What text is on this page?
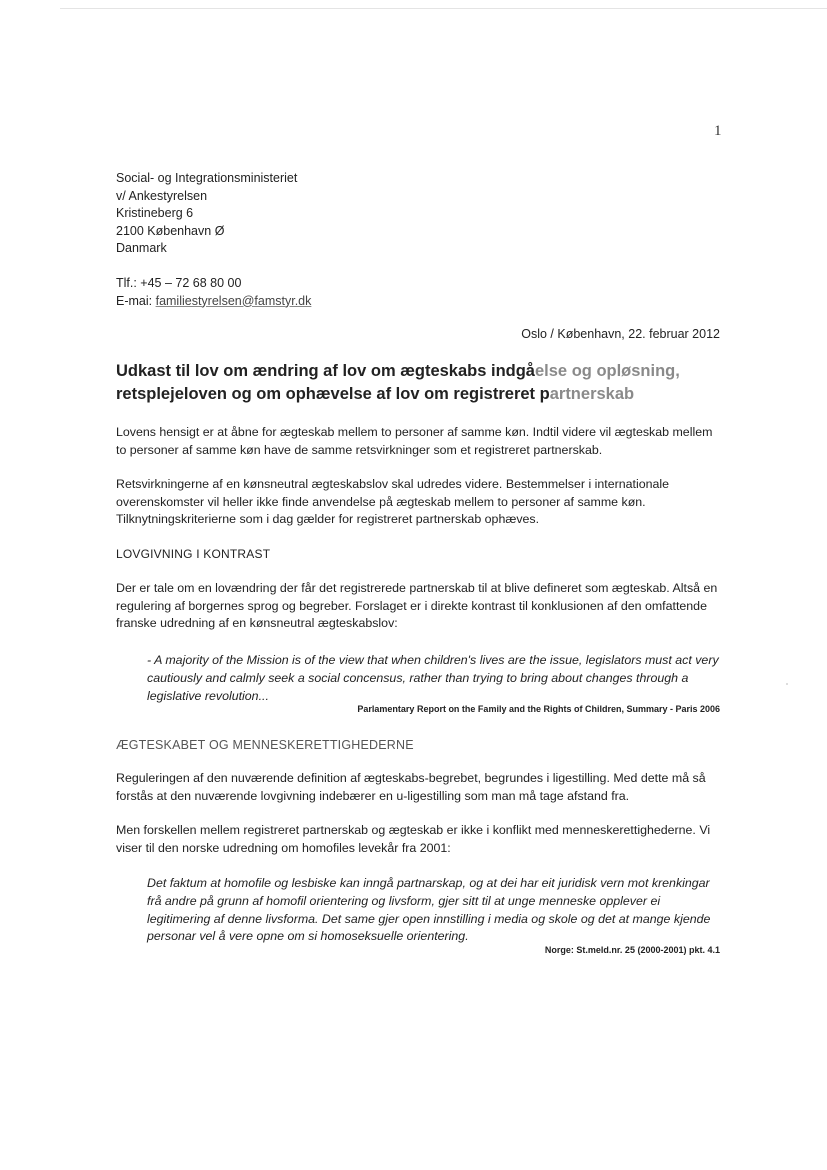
1
Social- og Integrationsministeriet
v/ Ankestyrelsen
Kristineberg 6
2100 København Ø
Danmark
Tlf.: +45 – 72 68 80 00
E-mai: familiestyrelsen@famstyr.dk
Oslo / København, 22. februar 2012
Udkast til lov om ændring af lov om ægteskabs indgåelse og opløsning,
retsplejeloven og om ophævelse af lov om registreret partnerskab

Lovens hensigt er at åbne for ægteskab mellem to personer af samme køn. Indtil videre vil ægteskab mellem to personer af samme køn have de samme retsvirkninger som et registreret partnerskab.

Retsvirkningerne af en kønsneutral ægteskabslov skal udredes videre. Bestemmelser i internationale overenskomster vil heller ikke finde anvendelse på ægteskab mellem to personer af samme køn. Tilknytningskriterierne som i dag gælder for registreret partnerskab ophæves.

LOVGIVNING I KONTRAST

Der er tale om en lovændring der får det registrerede partnerskab til at blive defineret som ægteskab. Altså en regulering af borgernes sprog og begreber. Forslaget er i direkte kontrast til konklusionen af den omfattende franske udredning af en kønsneutral ægteskabslov:

- A majority of the Mission is of the view that when children's lives are the issue, legislators must act very cautiously and calmly seek a social concensus, rather than trying to bring about changes through a legislative revolution...
Parlamentary Report on the Family and the Rights of Children, Summary - Paris 2006
ÆGTESKABET OG MENNESKERETTIGHEDERNE

Reguleringen af den nuværende definition af ægteskabs-begrebet, begrundes i ligestilling. Med dette må så forstås at den nuværende lovgivning indebærer en u-ligestilling som man må tage afstand fra.

Men forskellen mellem registreret partnerskab og ægteskab er ikke i konflikt med menneskerettighederne. Vi viser til den norske udredning om homofiles levekår fra 2001:

Det faktum at homofile og lesbiske kan inngå partnarskap, og at dei har eit juridisk vern mot krenkingar frå andre på grunn af homofil orientering og livsform, gjer sitt til at unge menneske opplever ei legitimering af denne livsforma. Det same gjer open innstilling i media og skole og det at mange kjende personar vel å vere opne om si homoseksuelle orientering.
Norge: St.meld.nr. 25 (2000-2001) pkt. 4.1
